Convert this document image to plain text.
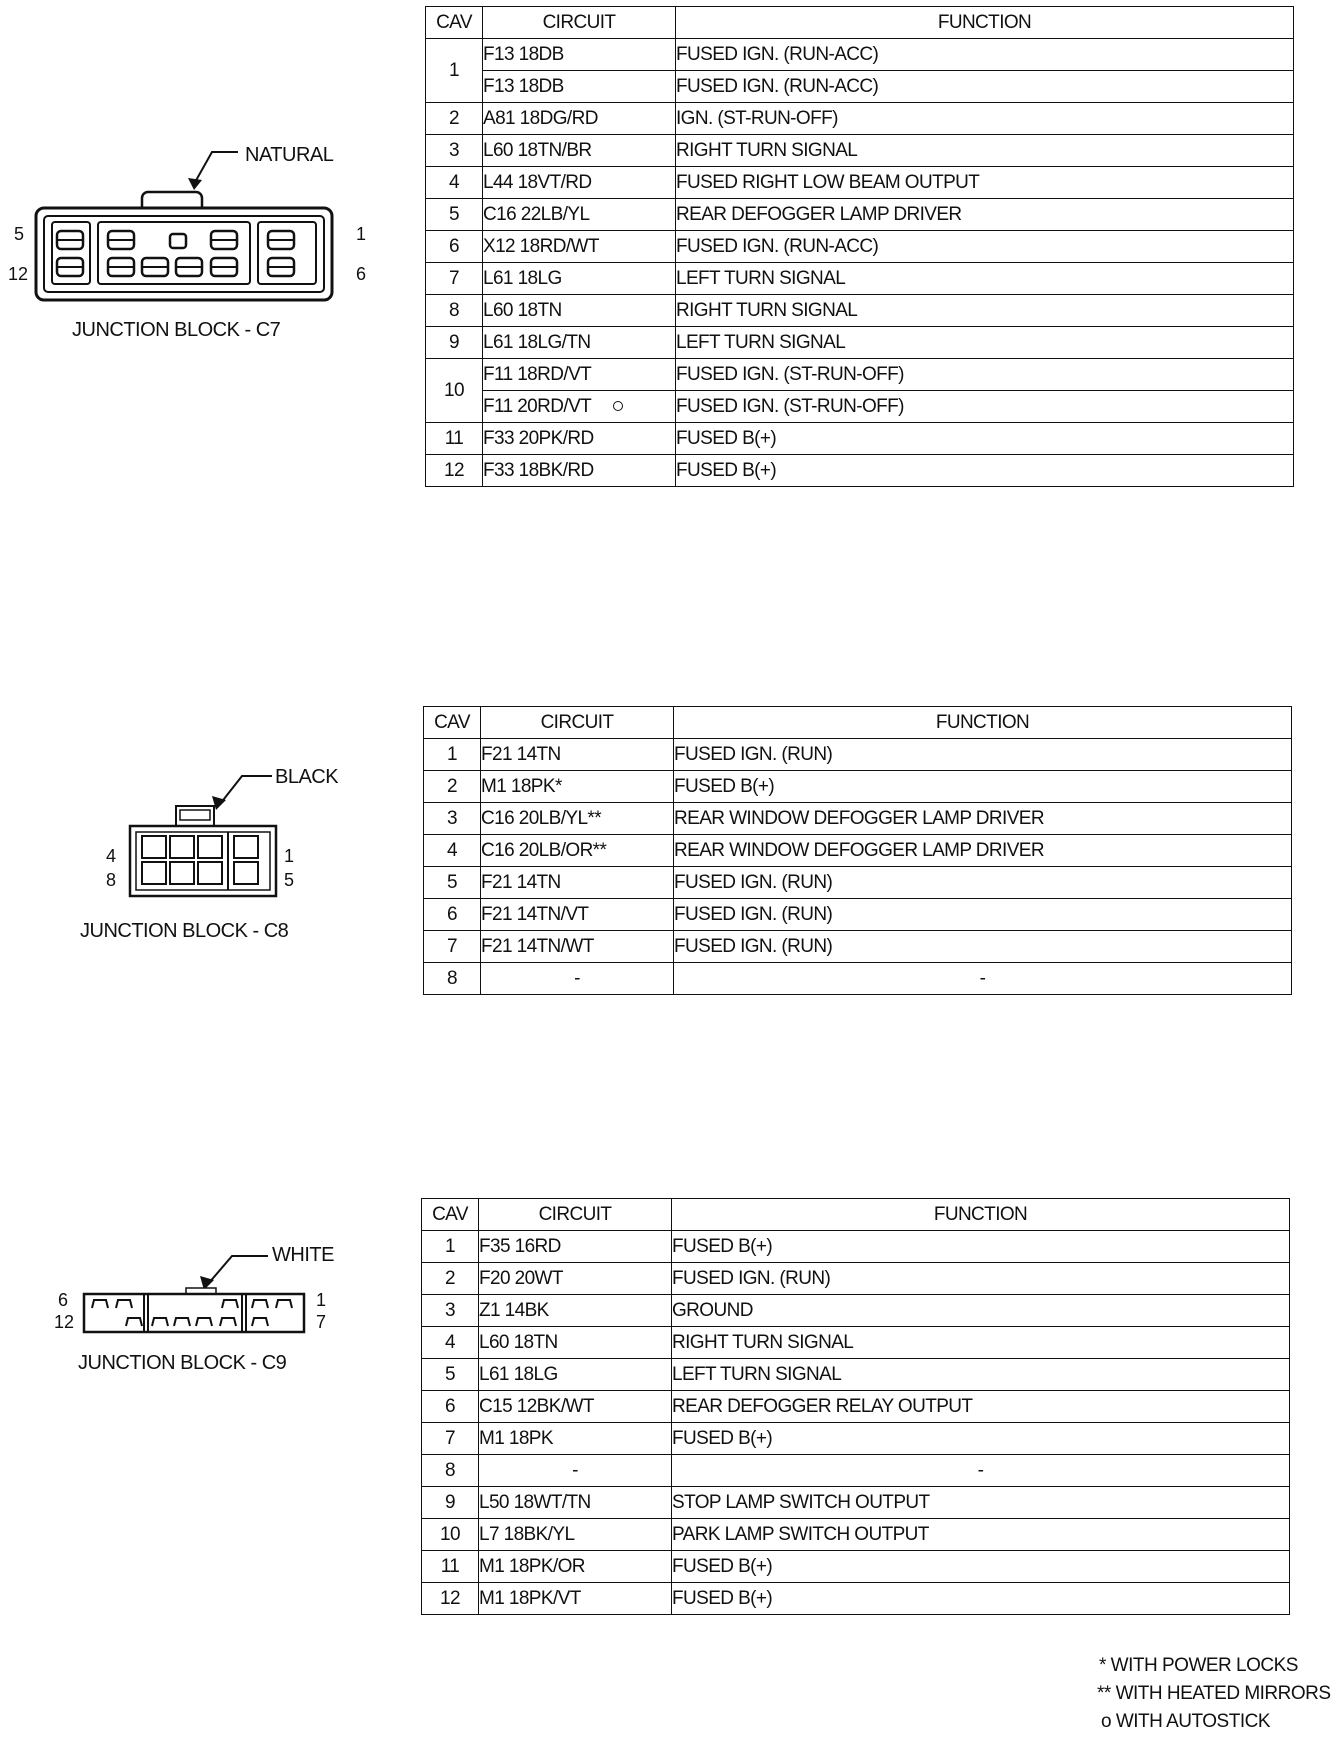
NATURAL
5
12
1
6
JUNCTION BLOCK - C7
CAV	CIRCUIT	FUNCTION
1	F13 18DB	FUSED IGN. (RUN-ACC)
	F13 18DB	FUSED IGN. (RUN-ACC)
2	A81 18DG/RD	IGN. (ST-RUN-OFF)
3	L60 18TN/BR	RIGHT TURN SIGNAL
4	L44 18VT/RD	FUSED RIGHT LOW BEAM OUTPUT
5	C16 22LB/YL	REAR DEFOGGER LAMP DRIVER
6	X12 18RD/WT	FUSED IGN. (RUN-ACC)
7	L61 18LG	LEFT TURN SIGNAL
8	L60 18TN	RIGHT TURN SIGNAL
9	L61 18LG/TN	LEFT TURN SIGNAL
10	F11 18RD/VT	FUSED IGN. (ST-RUN-OFF)
	F11 20RD/VT	FUSED IGN. (ST-RUN-OFF)
11	F33 20PK/RD	FUSED B(+)
12	F33 18BK/RD	FUSED B(+)
BLACK
4
8
1
5
JUNCTION BLOCK - C8
CAV	CIRCUIT	FUNCTION
1	F21 14TN	FUSED IGN. (RUN)
2	M1 18PK*	FUSED B(+)
3	C16 20LB/YL**	REAR WINDOW DEFOGGER LAMP DRIVER
4	C16 20LB/OR**	REAR WINDOW DEFOGGER LAMP DRIVER
5	F21 14TN	FUSED IGN. (RUN)
6	F21 14TN/VT	FUSED IGN. (RUN)
7	F21 14TN/WT	FUSED IGN. (RUN)
8	-	-
WHITE
6
12
1
7
JUNCTION BLOCK - C9
CAV	CIRCUIT	FUNCTION
1	F35 16RD	FUSED B(+)
2	F20 20WT	FUSED IGN. (RUN)
3	Z1 14BK	GROUND
4	L60 18TN	RIGHT TURN SIGNAL
5	L61 18LG	LEFT TURN SIGNAL
6	C15 12BK/WT	REAR DEFOGGER RELAY OUTPUT
7	M1 18PK	FUSED B(+)
8	-	-
9	L50 18WT/TN	STOP LAMP SWITCH OUTPUT
10	L7 18BK/YL	PARK LAMP SWITCH OUTPUT
11	M1 18PK/OR	FUSED B(+)
12	M1 18PK/VT	FUSED B(+)
* WITH POWER LOCKS
** WITH HEATED MIRRORS
o WITH AUTOSTICK
